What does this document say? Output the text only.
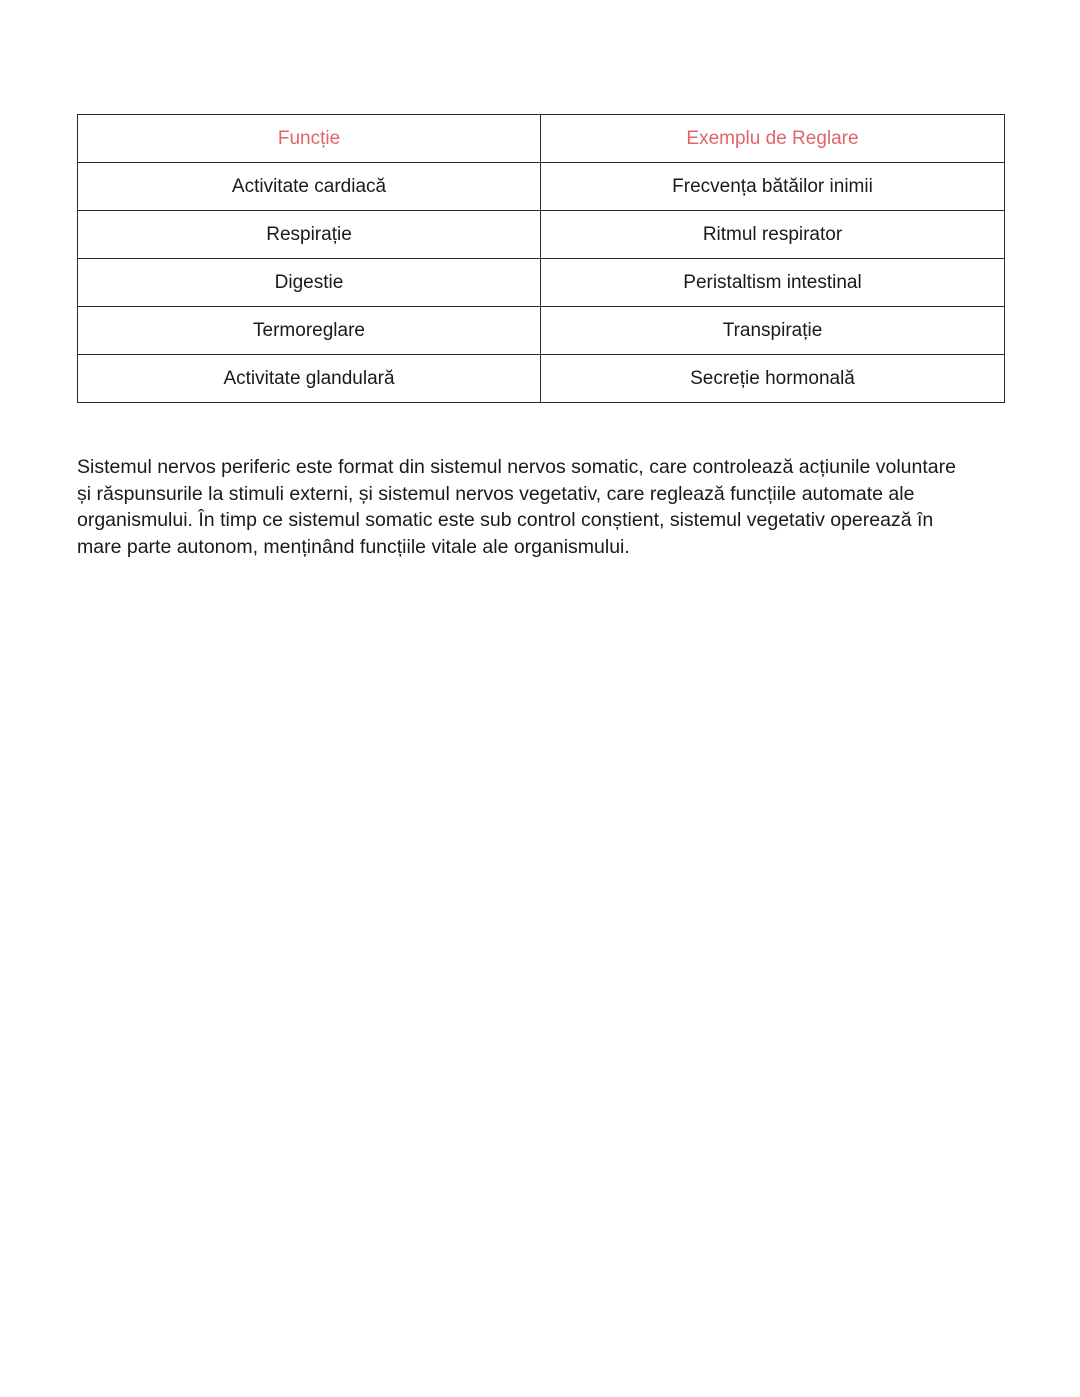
Funcție	Exemplu de Reglare
Activitate cardiacă	Frecvența bătăilor inimii
Respirație	Ritmul respirator
Digestie	Peristaltism intestinal
Termoreglare	Transpirație
Activitate glandulară	Secreție hormonală

Sistemul nervos periferic este format din sistemul nervos somatic, care controlează acțiunile voluntare
și răspunsurile la stimuli externi, și sistemul nervos vegetativ, care reglează funcțiile automate ale
organismului. În timp ce sistemul somatic este sub control conștient, sistemul vegetativ operează în
mare parte autonom, menținând funcțiile vitale ale organismului.
